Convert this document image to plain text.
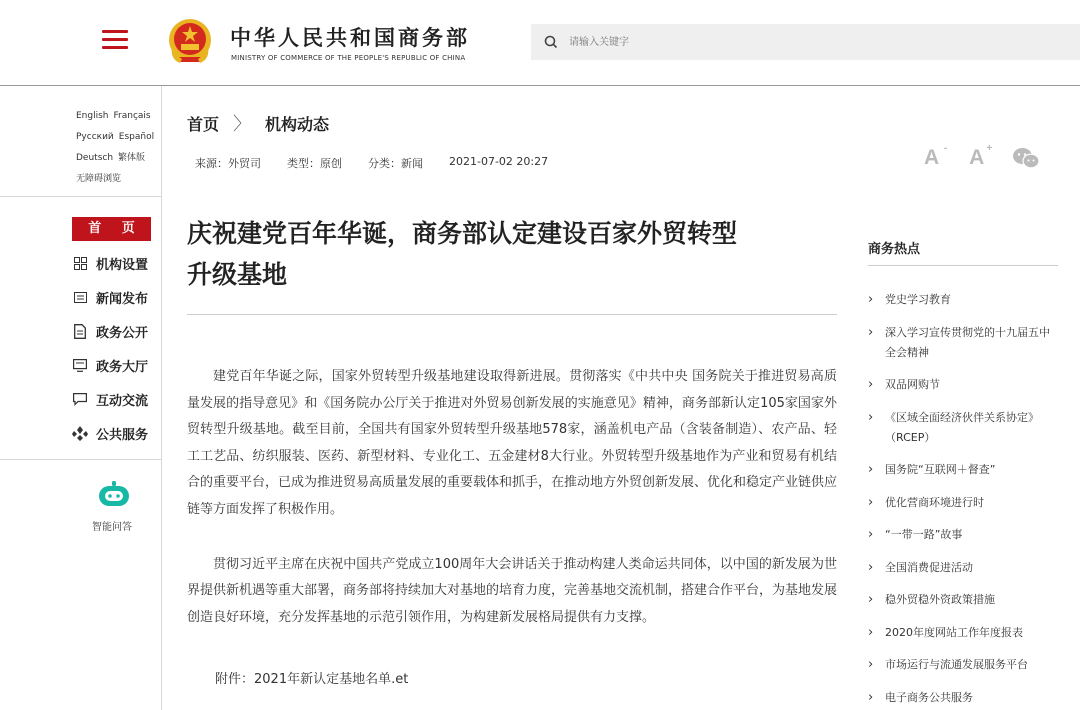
中华人民共和国商务部
MINISTRY OF COMMERCE OF THE PEOPLE'S REPUBLIC OF CHINA
请输入关键字
English Français
Русский Español
Deutsch 繁体版
无障碍浏览
首 页
机构设置
新闻发布
政务公开
政务大厅
互动交流
公共服务
智能问答
首页 〉 机构动态
来源：外贸司 类型：原创 分类：新闻 2021-07-02 20:27	A - A +
庆祝建党百年华诞，商务部认定建设百家外贸转型
升级基地

建党百年华诞之际，国家外贸转型升级基地建设取得新进展。贯彻落实《中共中央 国务院关于推进贸易高质量发展的指导意见》和《国务院办公厅关于推进对外贸易创新发展的实施意见》精神，商务部新认定105家国家外贸转型升级基地。截至目前，全国共有国家外贸转型升级基地578家，涵盖机电产品（含装备制造）、农产品、轻工工艺品、纺织服装、医药、新型材料、专业化工、五金建材8大行业。外贸转型升级基地作为产业和贸易有机结合的重要平台，已成为推进贸易高质量发展的重要载体和抓手，在推动地方外贸创新发展、优化和稳定产业链供应链等方面发挥了积极作用。

贯彻习近平主席在庆祝中国共产党成立100周年大会讲话关于推动构建人类命运共同体，以中国的新发展为世界提供新机遇等重大部署，商务部将持续加大对基地的培育力度，完善基地交流机制，搭建合作平台，为基地发展创造良好环境，充分发挥基地的示范引领作用，为构建新发展格局提供有力支撑。

附件：2021年新认定基地名单.et
商务热点
› 党史学习教育
› 深入学习宣传贯彻党的十九届五中全会精神
› 双品网购节
› 《区域全面经济伙伴关系协定》（RCEP）
› 国务院“互联网＋督查”
› 优化营商环境进行时
› “一带一路”故事
› 全国消费促进活动
› 稳外贸稳外资政策措施
› 2020年度网站工作年度报表
› 市场运行与流通发展服务平台
› 电子商务公共服务
